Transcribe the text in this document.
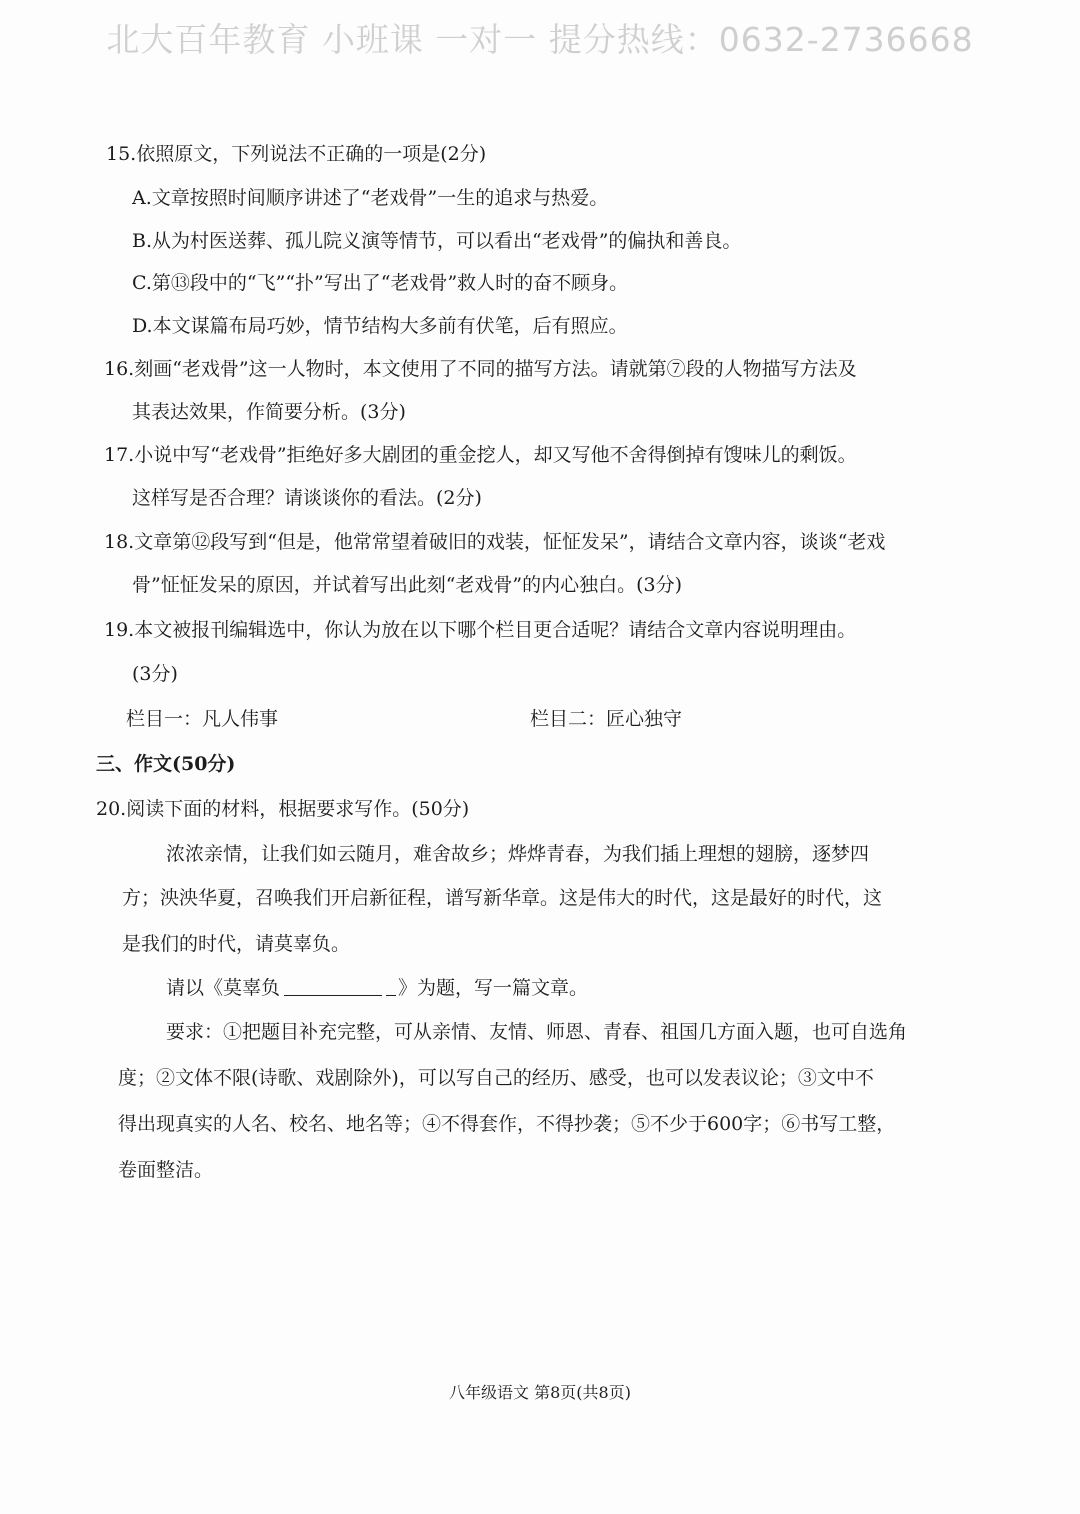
北大百年教育 小班课 一对一 提分热线：0632-2736668
15.依照原文，下列说法不正确的一项是(2分)
A.文章按照时间顺序讲述了“老戏骨”一生的追求与热爱。
B.从为村医送葬、孤儿院义演等情节，可以看出“老戏骨”的偏执和善良。
C.第⑬段中的“飞”“扑”写出了“老戏骨”救人时的奋不顾身。
D.本文谋篇布局巧妙，情节结构大多前有伏笔，后有照应。
16.刻画“老戏骨”这一人物时，本文使用了不同的描写方法。请就第⑦段的人物描写方法及
其表达效果，作简要分析。(3分)
17.小说中写“老戏骨”拒绝好多大剧团的重金挖人，却又写他不舍得倒掉有馊味儿的剩饭。
这样写是否合理？请谈谈你的看法。(2分)
18.文章第⑫段写到“但是，他常常望着破旧的戏装，怔怔发呆”，请结合文章内容，谈谈“老戏
骨”怔怔发呆的原因，并试着写出此刻“老戏骨”的内心独白。(3分)
19.本文被报刊编辑选中，你认为放在以下哪个栏目更合适呢？请结合文章内容说明理由。
(3分)
栏目一：凡人伟事	栏目二：匠心独守
三、作文(50分)
20.阅读下面的材料，根据要求写作。(50分)
浓浓亲情，让我们如云随月，难舍故乡；烨烨青春，为我们插上理想的翅膀，逐梦四
方；泱泱华夏，召唤我们开启新征程，谱写新华章。这是伟大的时代，这是最好的时代，这
是我们的时代，请莫辜负。
请以《莫辜负	》为题，写一篇文章。
要求：①把题目补充完整，可从亲情、友情、师恩、青春、祖国几方面入题，也可自选角
度；②文体不限(诗歌、戏剧除外)，可以写自己的经历、感受，也可以发表议论；③文中不
得出现真实的人名、校名、地名等；④不得套作，不得抄袭；⑤不少于600字；⑥书写工整，
卷面整洁。
八年级语文 第8页(共8页)
